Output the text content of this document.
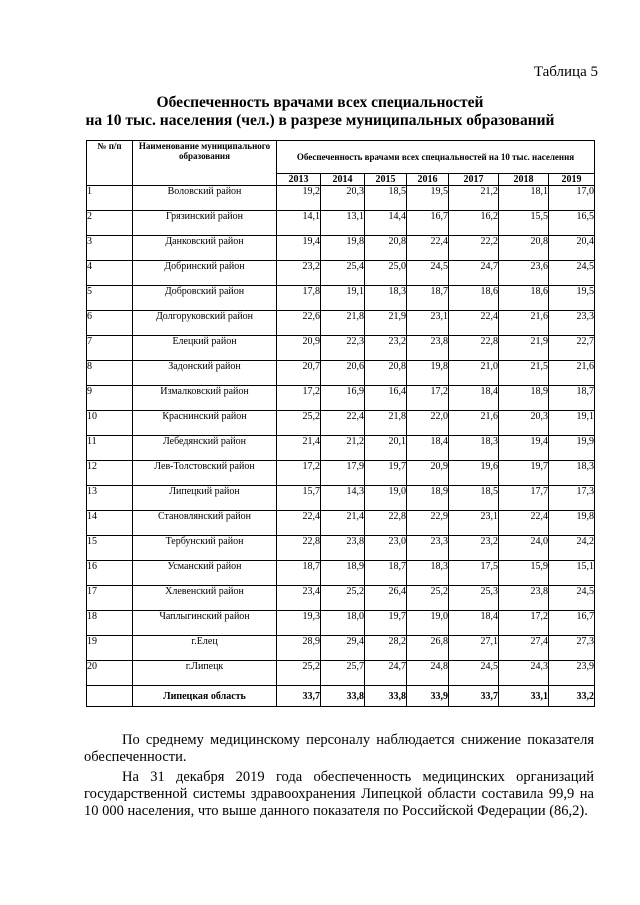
Таблица 5
Обеспеченность врачами всех специальностей
на 10 тыс. населения (чел.) в разрезе муниципальных образований
№ п/п	Наименование муниципального образования	Обеспеченность врачами всех специальностей на 10 тыс. населения						
		2013	2014	2015	2016	2017	2018	2019
1	Воловский район	19,2	20,3	18,5	19,5	21,2	18,1	17,0
2	Грязинский район	14,1	13,1	14,4	16,7	16,2	15,5	16,5
3	Данковский район	19,4	19,8	20,8	22,4	22,2	20,8	20,4
4	Добринский район	23,2	25,4	25,0	24,5	24,7	23,6	24,5
5	Добровский район	17,8	19,1	18,3	18,7	18,6	18,6	19,5
6	Долгоруковский район	22,6	21,8	21,9	23,1	22,4	21,6	23,3
7	Елецкий район	20,9	22,3	23,2	23,8	22,8	21,9	22,7
8	Задонский район	20,7	20,6	20,8	19,8	21,0	21,5	21,6
9	Измалковский район	17,2	16,9	16,4	17,2	18,4	18,9	18,7
10	Краснинский район	25,2	22,4	21,8	22,0	21,6	20,3	19,1
11	Лебедянский район	21,4	21,2	20,1	18,4	18,3	19,4	19,9
12	Лев-Толстовский район	17,2	17,9	19,7	20,9	19,6	19,7	18,3
13	Липецкий район	15,7	14,3	19,0	18,9	18,5	17,7	17,3
14	Становлянский район	22,4	21,4	22,8	22,9	23,1	22,4	19,8
15	Тербунский район	22,8	23,8	23,0	23,3	23,2	24,0	24,2
16	Усманский район	18,7	18,9	18,7	18,3	17,5	15,9	15,1
17	Хлевенский район	23,4	25,2	26,4	25,2	25,3	23,8	24,5
18	Чаплыгинский район	19,3	18,0	19,7	19,0	18,4	17,2	16,7
19	г.Елец	28,9	29,4	28,2	26,8	27,1	27,4	27,3
20	г.Липецк	25,2	25,7	24,7	24,8	24,5	24,3	23,9
	Липецкая область	33,7	33,8	33,8	33,9	33,7	33,1	33,2
По среднему медицинскому персоналу наблюдается снижение показателя обеспеченности.
На 31 декабря 2019 года обеспеченность медицинских организаций государственной системы здравоохранения Липецкой области составила 99,9 на 10 000 населения, что выше данного показателя по Российской Федерации (86,2).
